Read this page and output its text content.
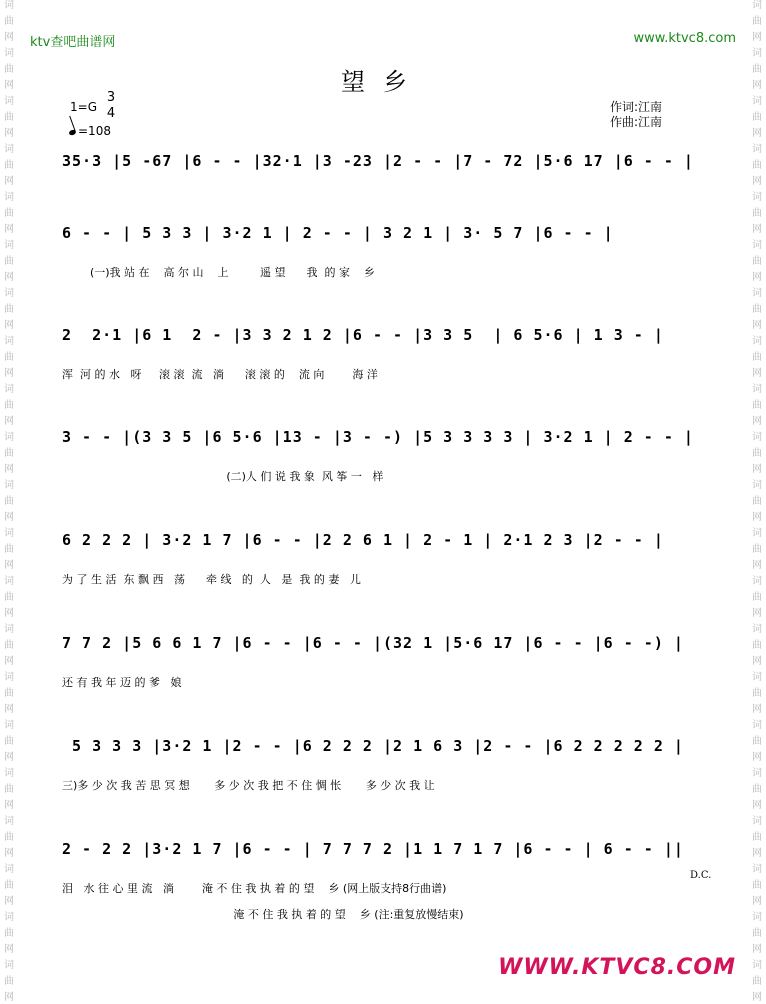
词
曲
网
词
曲
网
词
曲
网
词
曲
网
词
曲
网
词
曲
网
词
曲
网
词
曲
网
词
曲
网
词
曲
网
词
曲
网
词
曲
网
词
曲
网
词
曲
网
词
曲
网
词
曲
网
词
曲
网
词
曲
网
词
曲
网
词
曲
网
词
曲
网
词
曲
网
词
曲
网
词
曲
网
词
曲
网
词
曲
网
词
曲
网
词
曲
网
词
曲
网
词
曲
网
词
曲
网
词
曲
网
词
曲
网
词
曲
网
词
曲
网
词
曲
网
词
曲
网
词
曲
网
词
曲
网
词
曲
网
词
曲
网
词
曲
网
ktv查吧曲谱网	www.ktvc8.com
望乡
1=G
3
4
=108
作词:江南
作曲:江南
35·3 |5 -67 |6 - - |32·1 |3 -23 |2 - - |7 - 72 |5·6 17 |6 - - |
6 - - | 5 3 3 | 3·2 1 | 2 - - | 3 2 1 | 3· 5 7 |6 - - |
(一)我 站 在    高 尔 山    上         遥 望      我  的 家    乡
2  2·1 |6 1  2 - |3 3 2 1 2 |6 - - |3 3 5  | 6 5·6 | 1 3 - |
浑  河 的 水   呀     滚 滚  流   淌      滚 滚 的    流 向        海 洋
3 - - |(3 3 5 |6 5·6 |13 - |3 - -) |5 3 3 3 3 | 3·2 1 | 2 - - |
(二)人 们 说 我 象  风 筝 一   样
6 2 2 2 | 3·2 1 7 |6 - - |2 2 6 1 | 2 - 1 | 2·1 2 3 |2 - - |
为 了 生 活  东 飘 西   荡      牵 线   的  人   是  我 的 妻   儿
7 7 2 |5 6 6 1 7 |6 - - |6 - - |(32 1 |5·6 17 |6 - - |6 - -) |
还 有 我 年 迈 的 爹   娘
5 3 3 3 |3·2 1 |2 - - |6 2 2 2 |2 1 6 3 |2 - - |6 2 2 2 2 2 |
三)多 少 次 我 苦 思 冥 想       多 少 次 我 把 不 住 惆 怅       多 少 次 我 让
2 - 2 2 |3·2 1 7 |6 - - | 7 7 7 2 |1 1 7 1 7 |6 - - | 6 - - ||
泪   水 往 心 里 流   淌        淹 不 住 我 执 着 的 望    乡 (网上版支持8行曲谱)
淹 不 住 我 执 着 的 望    乡 (注:重复放慢结束)
D.C.
WWW.KTVC8.COM
